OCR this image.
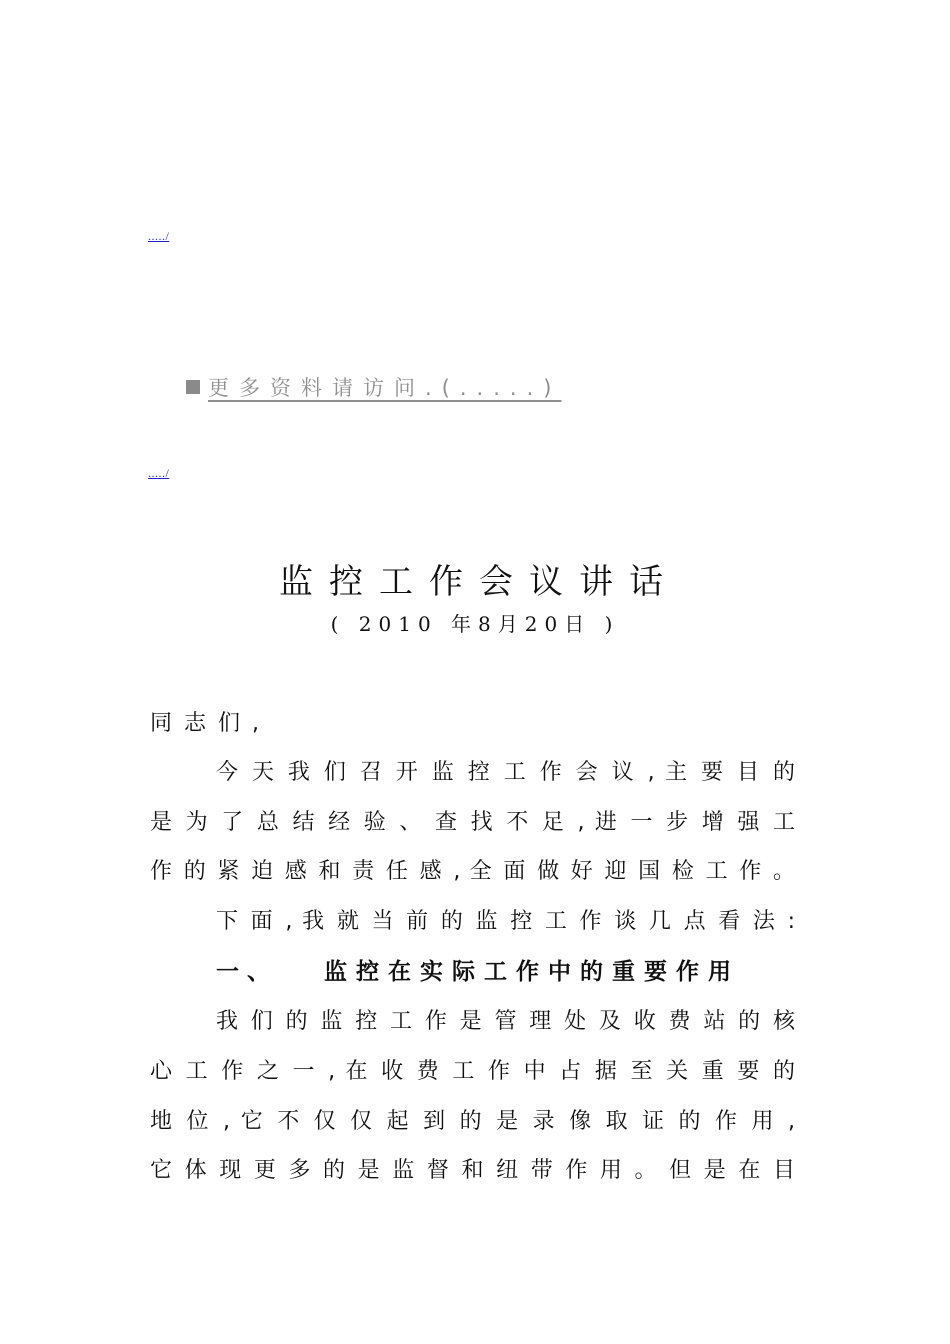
...../
更多资料请访问.(.....)
...../
监控工作会议讲话
( 2010 年8月20日 )
同志们,
今 天 我 们 召 开 监 控 工 作 会 议 , 主 要 目 的
是 为 了 总 结 经 验 、 查 找 不 足 , 进 一 步 增 强 工
作 的 紧 迫 感 和 责 任 感 , 全 面 做 好 迎 国 检 工 作 。
下 面 , 我 就 当 前 的 监 控 工 作 谈 几 点 看 法 :
一、 监控在实际工作中的重要作用
我 们 的 监 控 工 作 是 管 理 处 及 收 费 站 的 核
心 工 作 之 一 , 在 收 费 工 作 中 占 据 至 关 重 要 的
地 位 , 它 不 仅 仅 起 到 的 是 录 像 取 证 的 作 用 ,
它 体 现 更 多 的 是 监 督 和 纽 带 作 用 。 但 是 在 目
